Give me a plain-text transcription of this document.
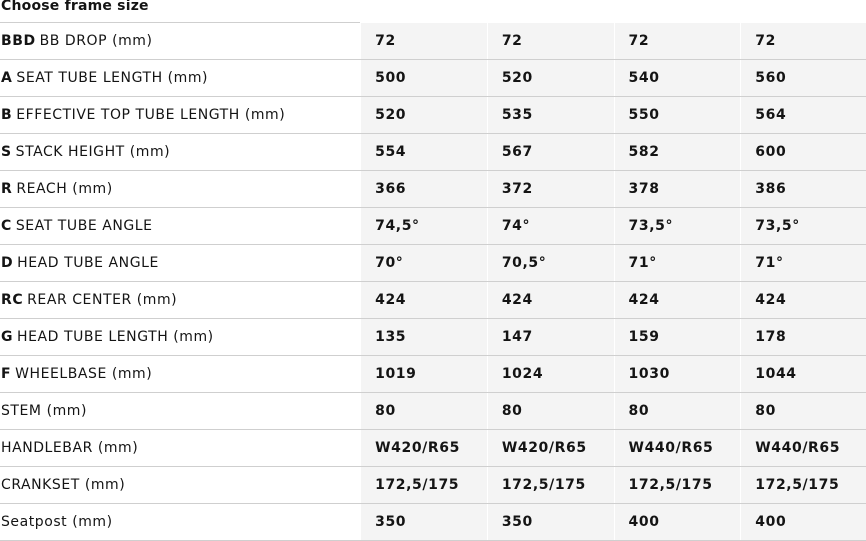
Choose frame size
BBD BB DROP (mm)	72	72	72	72
A SEAT TUBE LENGTH (mm)	500	520	540	560
B EFFECTIVE TOP TUBE LENGTH (mm)	520	535	550	564
S STACK HEIGHT (mm)	554	567	582	600
R REACH (mm)	366	372	378	386
C SEAT TUBE ANGLE	74,5°	74°	73,5°	73,5°
D HEAD TUBE ANGLE	70°	70,5°	71°	71°
RC REAR CENTER (mm)	424	424	424	424
G HEAD TUBE LENGTH (mm)	135	147	159	178
F WHEELBASE (mm)	1019	1024	1030	1044
STEM (mm)	80	80	80	80
HANDLEBAR (mm)	W420/R65	W420/R65	W440/R65	W440/R65
CRANKSET (mm)	172,5/175	172,5/175	172,5/175	172,5/175
Seatpost (mm)	350	350	400	400
